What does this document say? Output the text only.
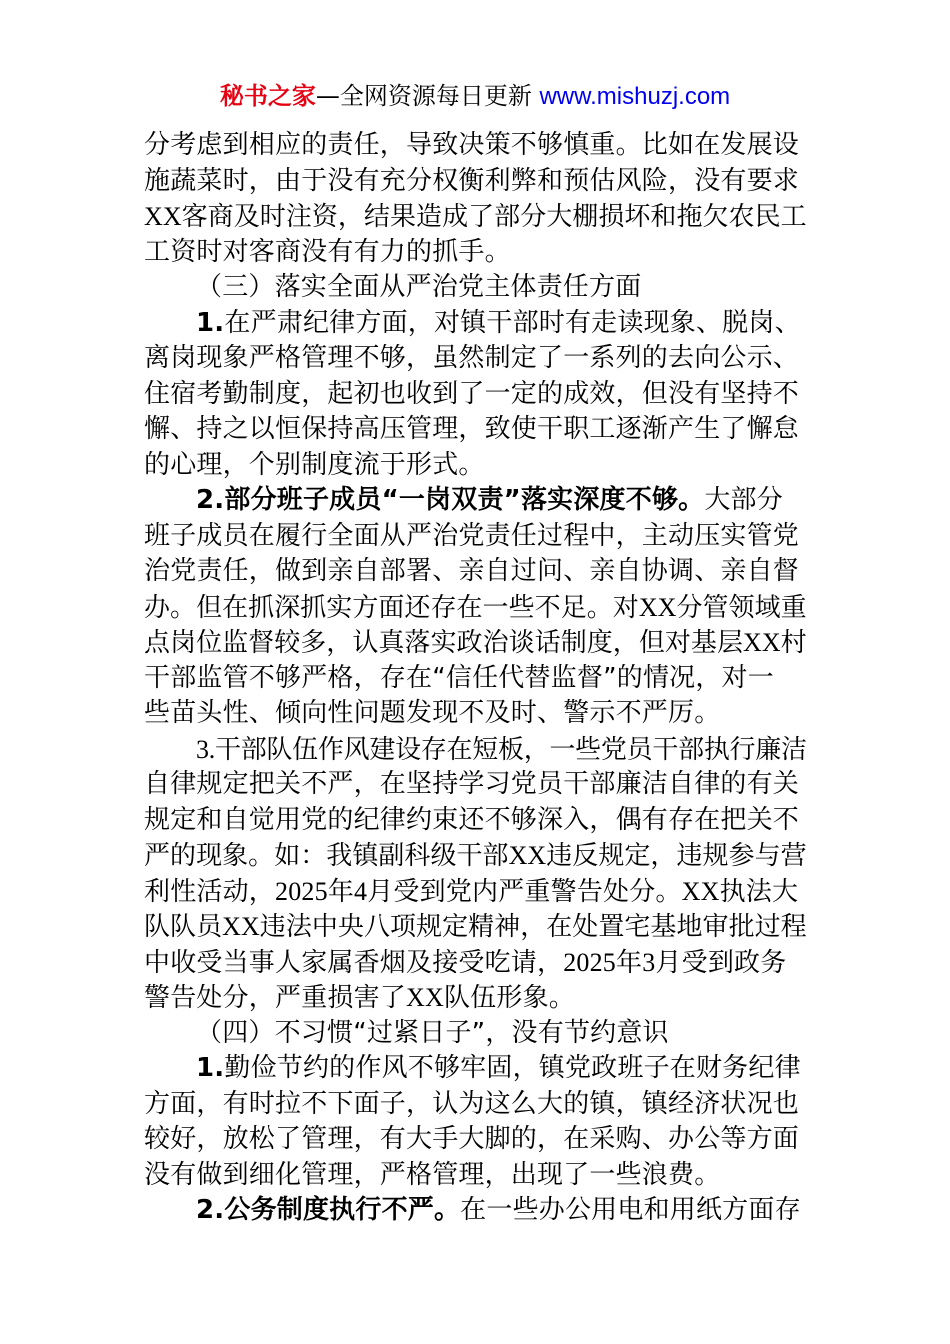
秘书之家—全网资源每日更新 www.mishuzj.com
分考虑到相应的责任，导致决策不够慎重。比如在发展设
施蔬菜时，由于没有充分权衡利弊和预估风险，没有要求
XX客商及时注资，结果造成了部分大棚损坏和拖欠农民工
工资时对客商没有有力的抓手。
（三）落实全面从严治党主体责任方面
1.在严肃纪律方面，对镇干部时有走读现象、脱岗、
离岗现象严格管理不够，虽然制定了一系列的去向公示、
住宿考勤制度，起初也收到了一定的成效，但没有坚持不
懈、持之以恒保持高压管理，致使干职工逐渐产生了懈怠
的心理，个别制度流于形式。
2.部分班子成员“一岗双责”落实深度不够。大部分
班子成员在履行全面从严治党责任过程中，主动压实管党
治党责任，做到亲自部署、亲自过问、亲自协调、亲自督
办。但在抓深抓实方面还存在一些不足。对XX分管领域重
点岗位监督较多，认真落实政治谈话制度，但对基层XX村
干部监管不够严格，存在“信任代替监督”的情况，对一
些苗头性、倾向性问题发现不及时、警示不严厉。
3.干部队伍作风建设存在短板，一些党员干部执行廉洁
自律规定把关不严，在坚持学习党员干部廉洁自律的有关
规定和自觉用党的纪律约束还不够深入，偶有存在把关不
严的现象。如：我镇副科级干部XX违反规定，违规参与营
利性活动，2025年4月受到党内严重警告处分。XX执法大
队队员XX违法中央八项规定精神，在处置宅基地审批过程
中收受当事人家属香烟及接受吃请，2025年3月受到政务
警告处分，严重损害了XX队伍形象。
（四）不习惯“过紧日子”，没有节约意识
1.勤俭节约的作风不够牢固，镇党政班子在财务纪律
方面，有时拉不下面子，认为这么大的镇，镇经济状况也
较好，放松了管理，有大手大脚的，在采购、办公等方面
没有做到细化管理，严格管理，出现了一些浪费。
2.公务制度执行不严。在一些办公用电和用纸方面存
